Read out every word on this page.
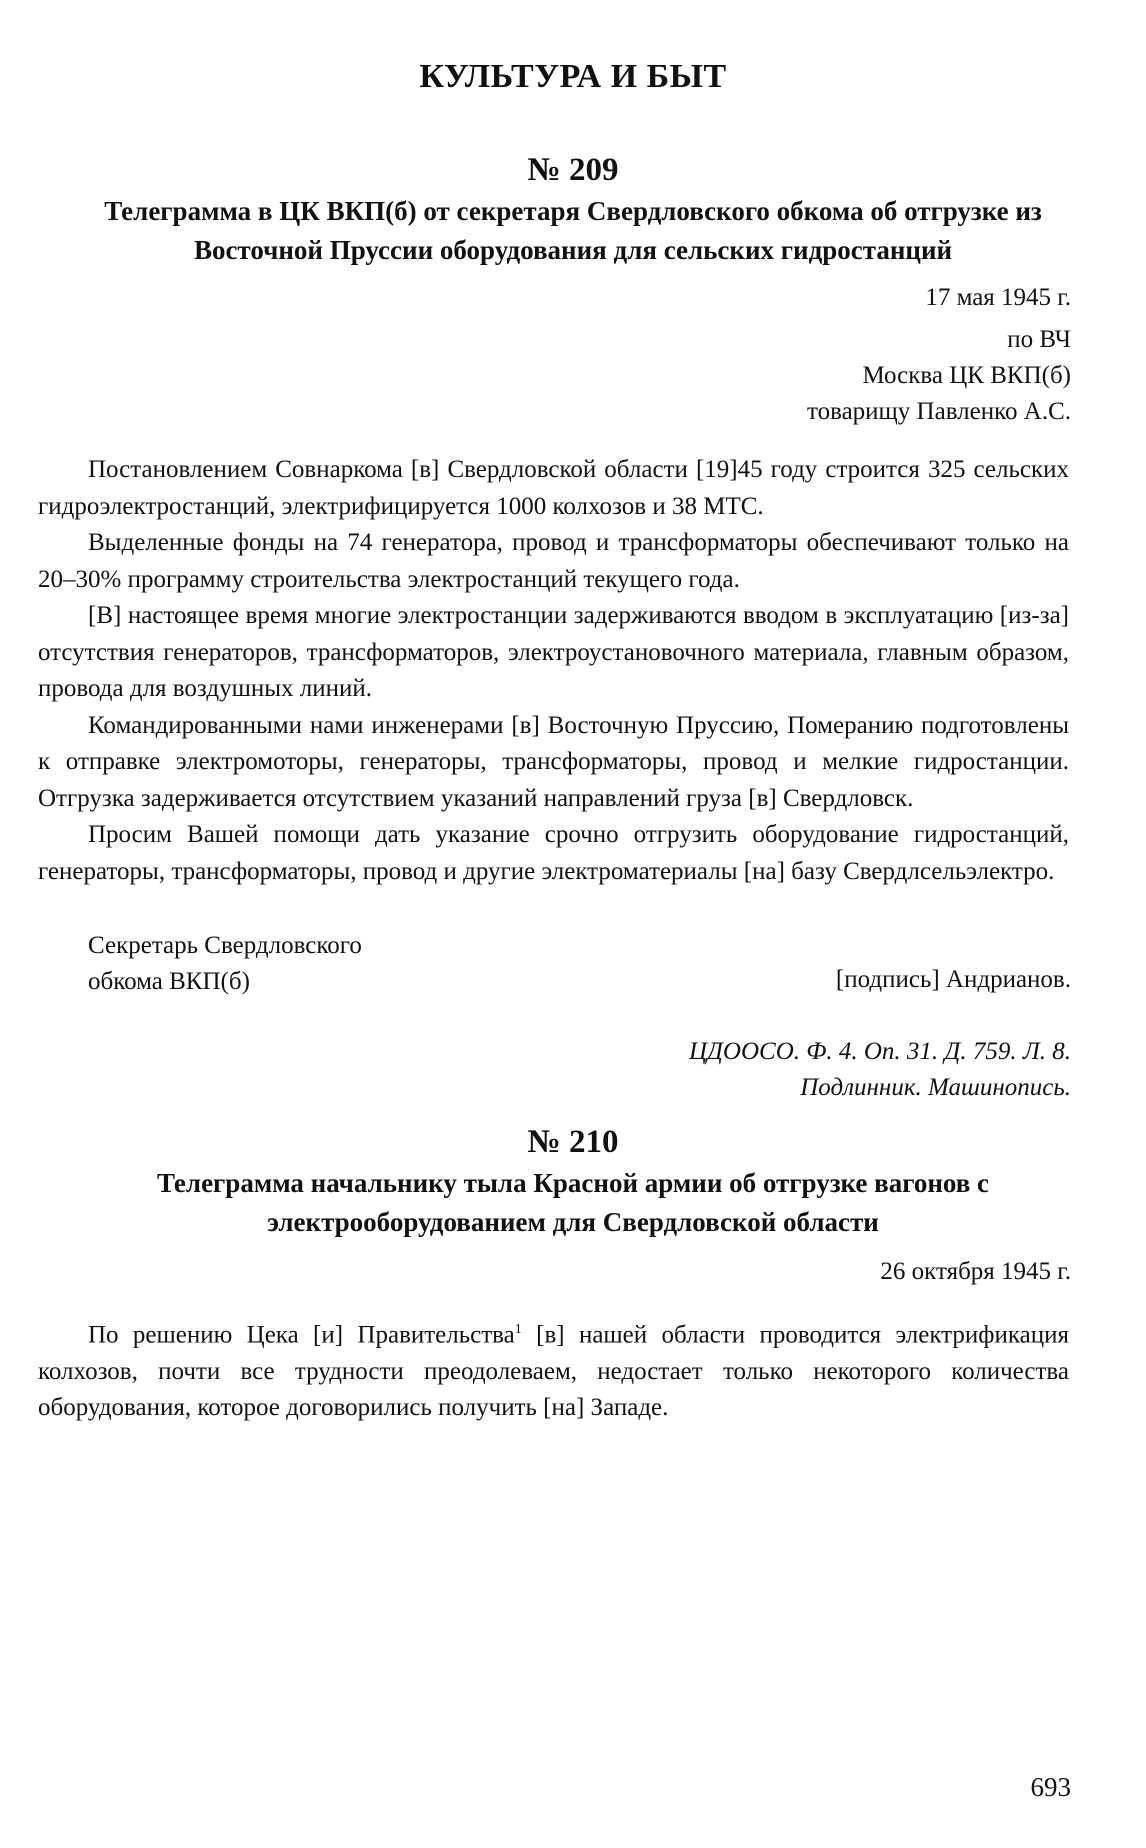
КУЛЬТУРА И БЫТ
№ 209
Телеграмма в ЦК ВКП(б) от секретаря Свердловского обкома об отгрузке из Восточной Пруссии оборудования для сельских гидростанций
17 мая 1945 г.
по ВЧ
Москва ЦК ВКП(б)
товарищу Павленко А.С.

Постановлением Совнаркома [в] Свердловской области [19]45 году строится 325 сельских гидроэлектростанций, электрифицируется 1000 колхозов и 38 МТС.

Выделенные фонды на 74 генератора, провод и трансформаторы обеспечивают только на 20–30% программу строительства электростанций текущего года.

[В] настоящее время многие электростанции задерживаются вводом в эксплуатацию [из-за] отсутствия генераторов, трансформаторов, электроустановочного материала, главным образом, провода для воздушных линий.

Командированными нами инженерами [в] Восточную Пруссию, Померанию подготовлены к отправке электромоторы, генераторы, трансформаторы, провод и мелкие гидростанции. Отгрузка задерживается отсутствием указаний направлений груза [в] Свердловск.

Просим Вашей помощи дать указание срочно отгрузить оборудование гидростанций, генераторы, трансформаторы, провод и другие электроматериалы [на] базу Свердлсельэлектро.

Секретарь Свердловского
обкома ВКП(б)	[подпись] Андрианов.
ЦДООСО. Ф. 4. Оп. 31. Д. 759. Л. 8.
Подлинник. Машинопись.
№ 210
Телеграмма начальнику тыла Красной армии об отгрузке вагонов с электрооборудованием для Свердловской области
26 октября 1945 г.

По решению Цека [и] Правительства$^1$ [в] нашей области проводится электрификация колхозов, почти все трудности преодолеваем, недостает только некоторого количества оборудования, которое договорились получить [на] Западе.

693
